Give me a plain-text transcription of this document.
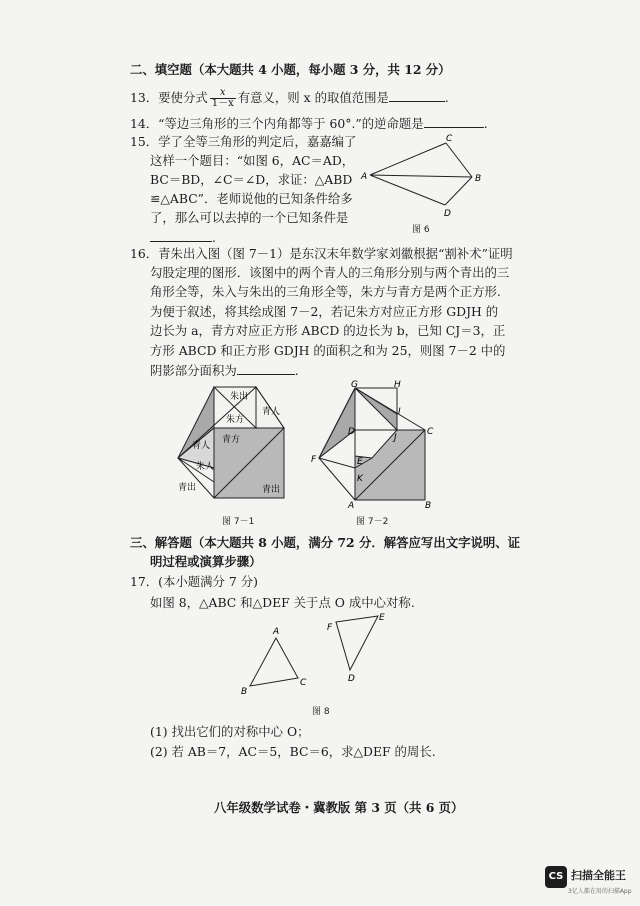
二、填空题（本大题共 4 小题，每小题 3 分，共 12 分）
13．要使分式 $\frac{x}{1-x}$ 有意义，则 x 的取值范围是	.
14．“等边三角形的三个内角都等于 60°.”的逆命题是	.
15．学了全等三角形的判定后，嘉嘉编了
这样一个题目：“如图 6，AC＝AD，
BC＝BD，∠C＝∠D，求证：△ABD
≌△ABC”．老师说他的已知条件给多
了，那么可以去掉的一个已知条件是
.
A	B
C
D
图 6
16．青朱出入图（图 7－1）是东汉末年数学家刘徽根据“割补术”证明
勾股定理的图形．该图中的两个青人的三角形分别与两个青出的三
角形全等，朱入与朱出的三角形全等，朱方与青方是两个正方形.
为便于叙述，将其绘成图 7－2，若记朱方对应正方形 GDJH 的
边长为 a，青方对应正方形 ABCD 的边长为 b，已知 CJ＝3，正
方形 ABCD 和正方形 GDJH 的面积之和为 25，则图 7－2 中的
阴影部分面积为	.
朱出
青人
朱方
青人
青方
朱人
青出	青出
图 7－1
G	H
I
D
J
C
F	E
K
A	B
图 7－2
三、解答题（本大题共 8 小题，满分 72 分．解答应写出文字说明、证
明过程或演算步骤）
17．(本小题满分 7 分)
如图 8，△ABC 和△DEF 关于点 O 成中心对称.
A
B
C	D
E
F
图 8
(1) 找出它们的对称中心 O；
(2) 若 AB＝7，AC＝5，BC＝6，求△DEF 的周长.
八年级数学试卷・冀教版 第 3 页（共 6 页）
CS 扫描全能王
3亿人都在用的扫描App
